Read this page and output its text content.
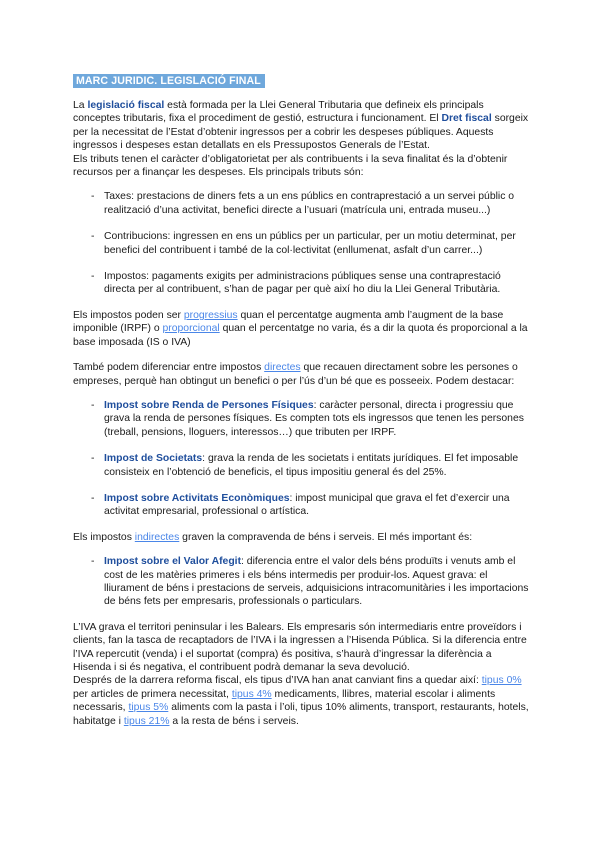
MARC JURIDIC. LEGISLACIÓ FINAL

La legislació fiscal està formada per la Llei General Tributaria que defineix els principals conceptes tributaris, fixa el procediment de gestió, estructura i funcionament. El Dret fiscal sorgeix per la necessitat de l’Estat d’obtenir ingressos per a cobrir les despeses públiques. Aquests ingressos i despeses estan detallats en els Pressupostos Generals de l’Estat.

Els tributs tenen el caràcter d’obligatorietat per als contribuents i la seva finalitat és la d’obtenir recursos per a finançar les despeses. Els principals tributs són:

- Taxes: prestacions de diners fets a un ens públics en contraprestació a un servei públic o realització d’una activitat, benefici directe a l’usuari (matrícula uni, entrada museu...)
- Contribucions: ingressen en ens un públics per un particular, per un motiu determinat, per benefici del contribuent i també de la col·lectivitat (enllumenat, asfalt d’un carrer...)
- Impostos: pagaments exigits per administracions públiques sense una contraprestació directa per al contribuent, s’han de pagar per què així ho diu la Llei General Tributària.

Els impostos poden ser progressius quan el percentatge augmenta amb l’augment de la base imponible (IRPF) o proporcional quan el percentatge no varia, és a dir la quota és proporcional a la base imposada (IS o IVA)

També podem diferenciar entre impostos directes que recauen directament sobre les persones o empreses, perquè han obtingut un benefici o per l’ús d’un bé que es posseeix. Podem destacar:

- Impost sobre Renda de Persones Físiques: caràcter personal, directa i progressiu que grava la renda de persones físiques. Es compten tots els ingressos que tenen les persones (treball, pensions, lloguers, interessos…) que tributen per IRPF.
- Impost de Societats: grava la renda de les societats i entitats jurídiques. El fet imposable consisteix en l’obtenció de beneficis, el tipus impositiu general és del 25%.
- Impost sobre Activitats Econòmiques: impost municipal que grava el fet d’exercir una activitat empresarial, professional o artística.

Els impostos indirectes graven la compravenda de béns i serveis. El més important és:

- Impost sobre el Valor Afegit: diferencia entre el valor dels béns produïts i venuts amb el cost de les matèries primeres i els béns intermedis per produir-los. Aquest grava: el lliurament de béns i prestacions de serveis, adquisicions intracomunitàries i les importacions de béns fets per empresaris, professionals o particulars.

L’IVA grava el territori peninsular i les Balears. Els empresaris són intermediaris entre proveïdors i clients, fan la tasca de recaptadors de l’IVA i la ingressen a l’Hisenda Pública. Si la diferencia entre l’IVA repercutit (venda) i el suportat (compra) és positiva, s’haurà d’ingressar la diferència a Hisenda i si és negativa, el contribuent podrà demanar la seva devolució.

Després de la darrera reforma fiscal, els tipus d’IVA han anat canviant fins a quedar així: tipus 0% per articles de primera necessitat, tipus 4% medicaments, llibres, material escolar i aliments necessaris, tipus 5% aliments com la pasta i l’oli, tipus 10% aliments, transport, restaurants, hotels, habitatge i tipus 21% a la resta de béns i serveis.
